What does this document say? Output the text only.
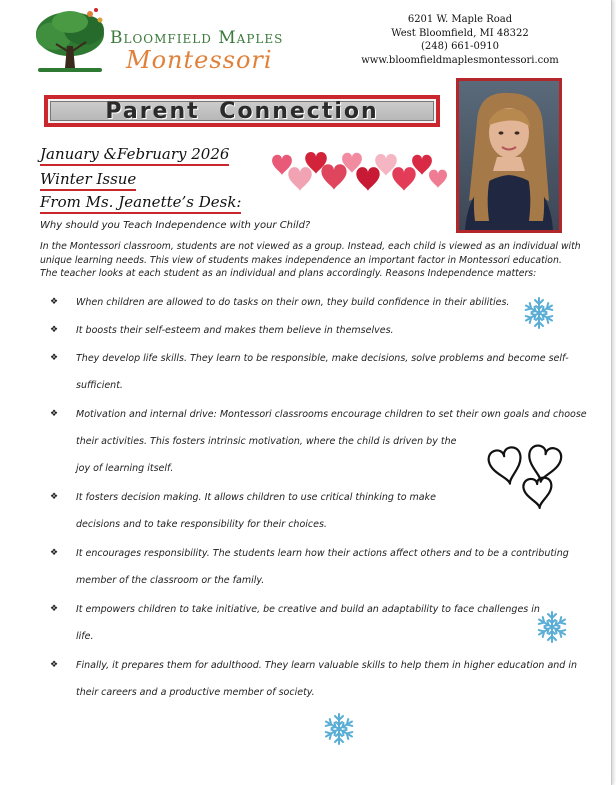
Bloomfield Maples
Montessori
6201 W. Maple Road
West Bloomfield, MI 48322
(248) 661-0910
www.bloomfieldmaplesmontessori.com
Parent Connection
January &February 2026
Winter Issue
From Ms. Jeanette’s Desk:
Why should you Teach Independence with your Child?
In the Montessori classroom, students are not viewed as a group. Instead, each child is viewed as an individual with unique learning needs. This view of students makes independence an important factor in Montessori education. The teacher looks at each student as an individual and plans accordingly. Reasons Independence matters:
❖ When children are allowed to do tasks on their own, they build confidence in their abilities.
❖ It boosts their self-esteem and makes them believe in themselves.
❖ They develop life skills. They learn to be responsible, make decisions, solve problems and become self-
sufficient.
❖ Motivation and internal drive: Montessori classrooms encourage children to set their own goals and choose
their activities. This fosters intrinsic motivation, where the child is driven by the
joy of learning itself.
❖ It fosters decision making. It allows children to use critical thinking to make
decisions and to take responsibility for their choices.
❖ It encourages responsibility. The students learn how their actions affect others and to be a contributing
member of the classroom or the family.
❖ It empowers children to take initiative, be creative and build an adaptability to face challenges in
life.
❖ Finally, it prepares them for adulthood. They learn valuable skills to help them in higher education and in
their careers and a productive member of society.
